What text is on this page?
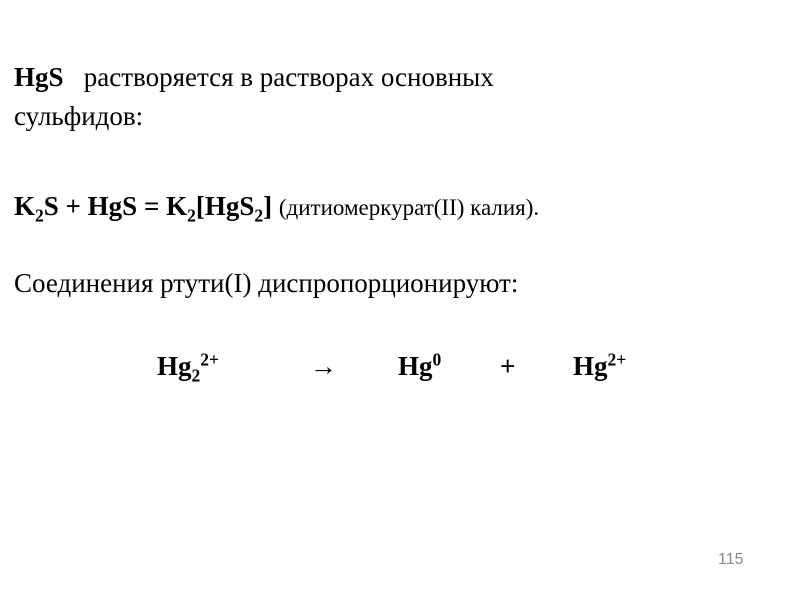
HgS растворяется в растворах основных
сульфидов:
$K_2S$ + HgS = $K_2[HgS_2]$ (дитиомеркурат(II) калия).
Соединения ртути(I) диспропорционируют:
$Hg_2^{2+}$	→ $Hg^0 + Hg^{2+}$
115
